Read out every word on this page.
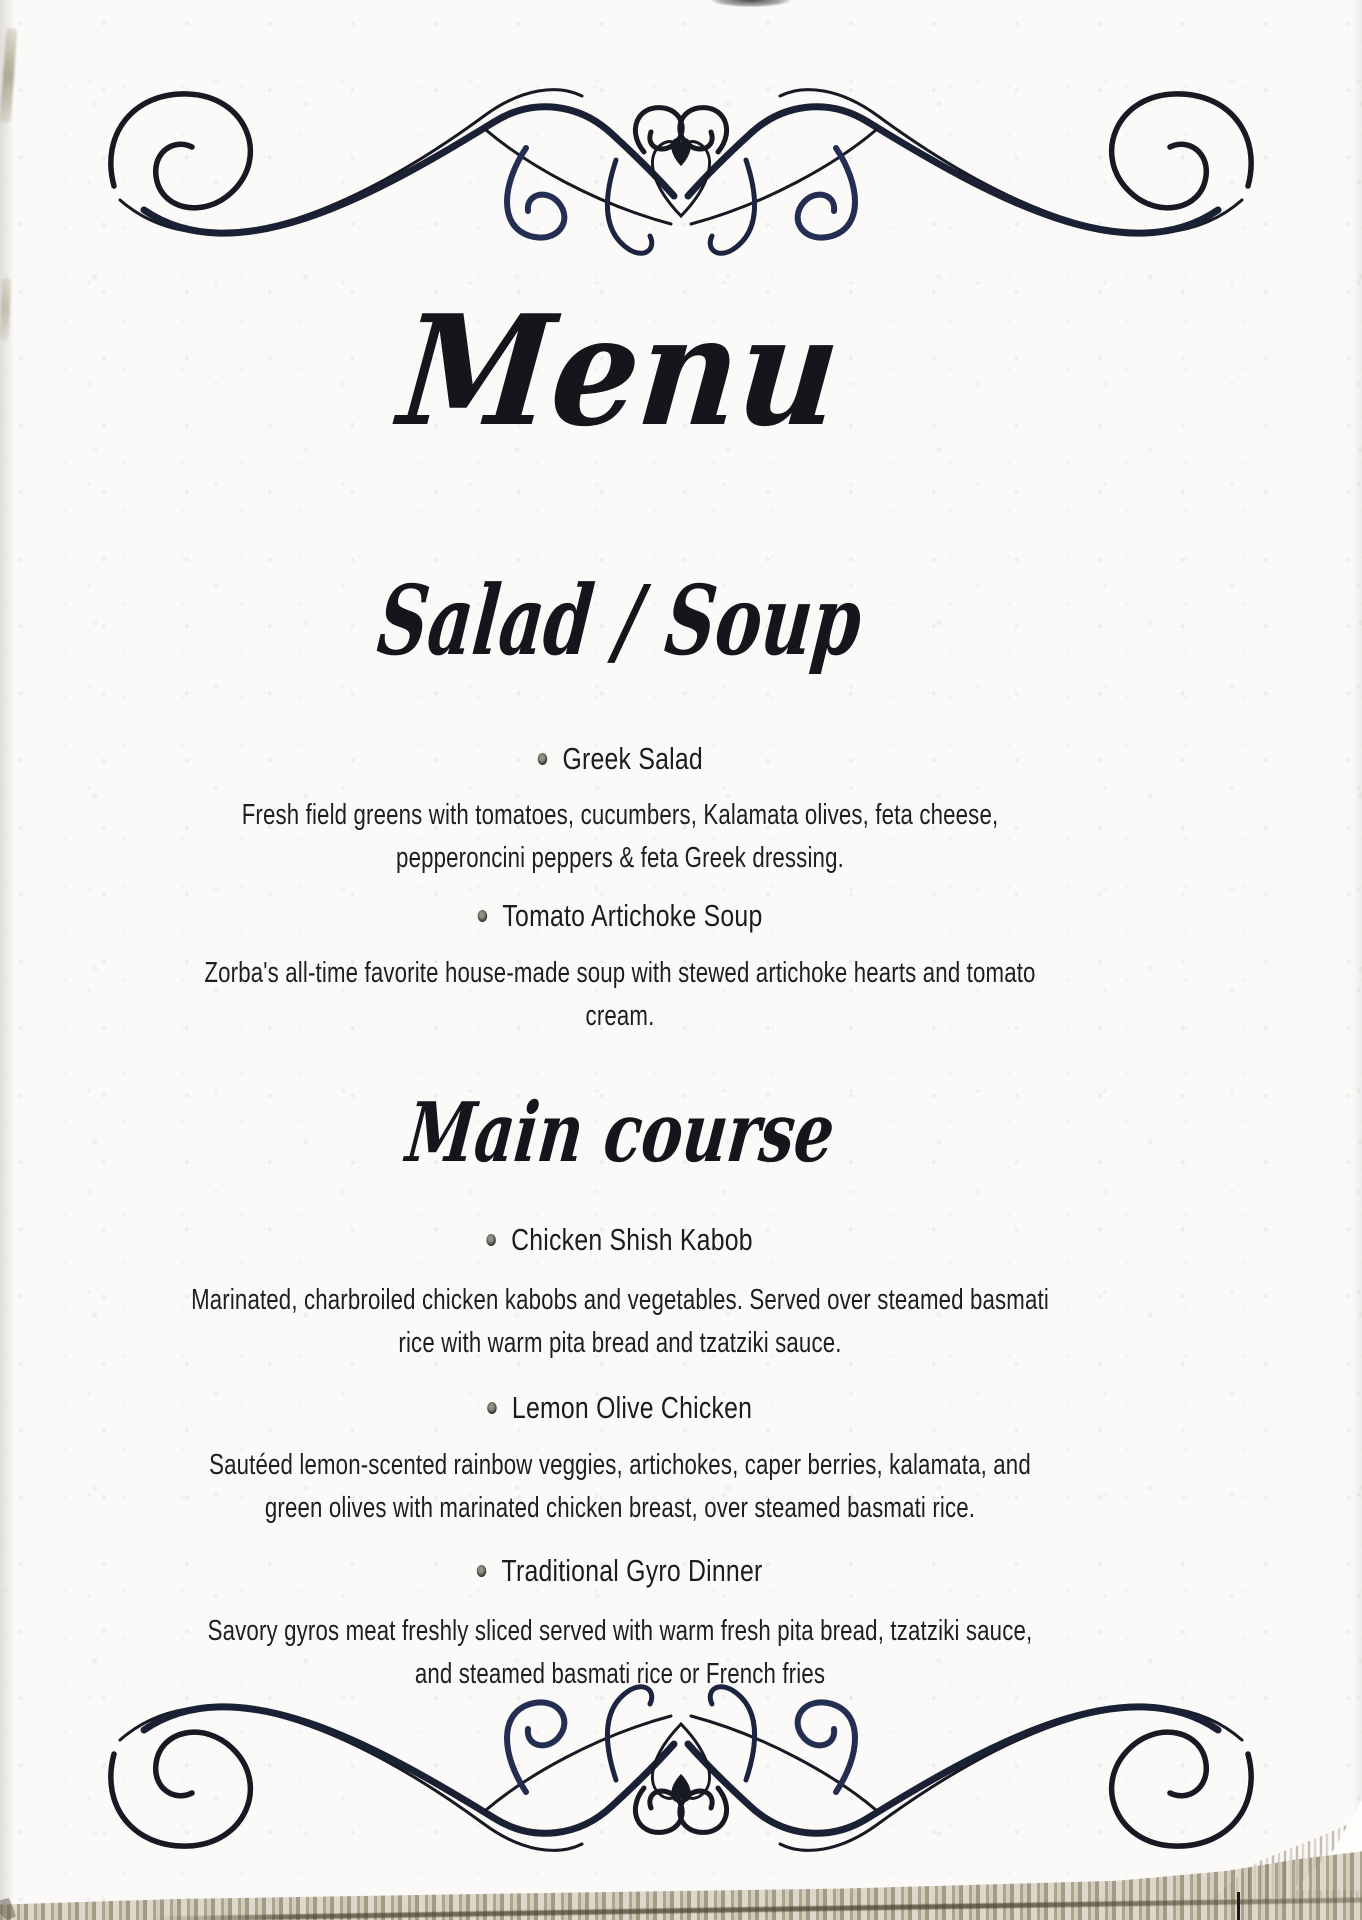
Menu
Salad / Soup
Greek Salad
Fresh field greens with tomatoes, cucumbers, Kalamata olives, feta cheese,
pepperoncini peppers & feta Greek dressing.
Tomato Artichoke Soup
Zorba's all-time favorite house-made soup with stewed artichoke hearts and tomato
cream.
Main course
Chicken Shish Kabob
Marinated, charbroiled chicken kabobs and vegetables. Served over steamed basmati
rice with warm pita bread and tzatziki sauce.
Lemon Olive Chicken
Sautéed lemon-scented rainbow veggies, artichokes, caper berries, kalamata, and
green olives with marinated chicken breast, over steamed basmati rice.
Traditional Gyro Dinner
Savory gyros meat freshly sliced served with warm fresh pita bread, tzatziki sauce,
and steamed basmati rice or French fries
